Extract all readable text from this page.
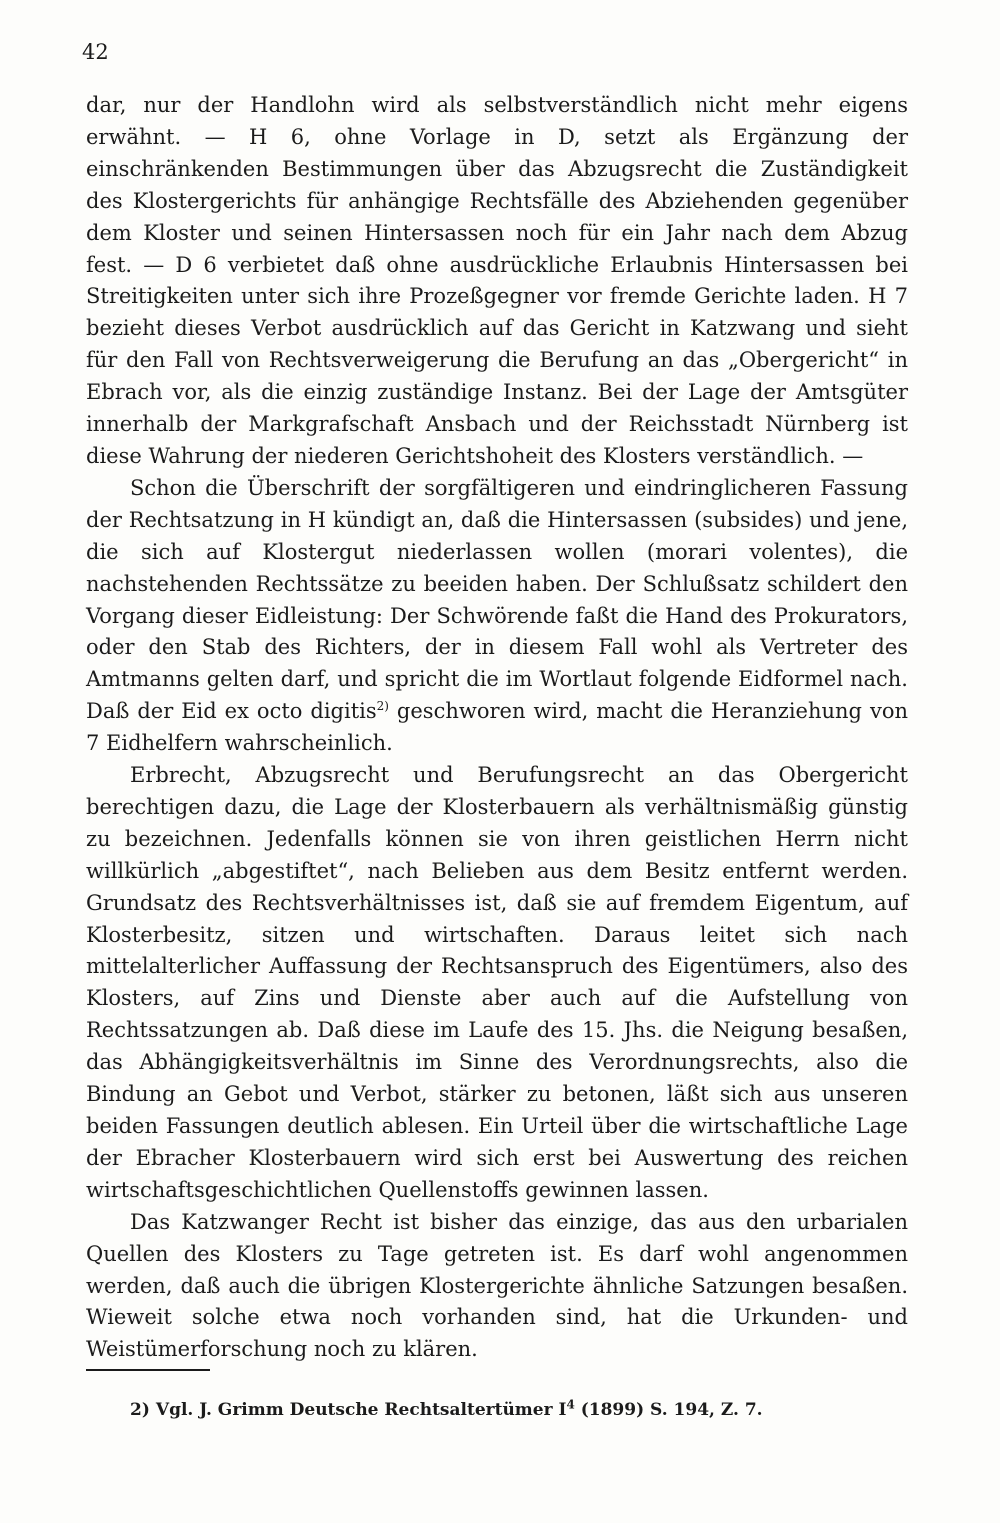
42

dar, nur der Handlohn wird als selbstverständlich nicht mehr eigens erwähnt. — H 6, ohne Vorlage in D, setzt als Ergänzung der einschränkenden Bestimmungen über das Abzugsrecht die Zuständigkeit des Klostergerichts für anhängige Rechtsfälle des Abziehenden gegenüber dem Kloster und seinen Hintersassen noch für ein Jahr nach dem Abzug fest. — D 6 verbietet daß ohne ausdrückliche Erlaubnis Hintersassen bei Streitigkeiten unter sich ihre Prozeßgegner vor fremde Gerichte laden. H 7 bezieht dieses Verbot ausdrücklich auf das Gericht in Katzwang und sieht für den Fall von Rechtsverweigerung die Berufung an das „Obergericht“ in Ebrach vor, als die einzig zuständige Instanz. Bei der Lage der Amtsgüter innerhalb der Markgrafschaft Ansbach und der Reichsstadt Nürnberg ist diese Wahrung der niederen Gerichtshoheit des Klosters verständlich. —

Schon die Überschrift der sorgfältigeren und eindringlicheren Fassung der Rechtsatzung in H kündigt an, daß die Hintersassen (subsides) und jene, die sich auf Klostergut niederlassen wollen (morari volentes), die nachstehenden Rechtssätze zu beeiden haben. Der Schlußsatz schildert den Vorgang dieser Eidleistung: Der Schwörende faßt die Hand des Prokurators, oder den Stab des Richters, der in diesem Fall wohl als Vertreter des Amtmanns gelten darf, und spricht die im Wortlaut folgende Eidformel nach. Daß der Eid ex octo digitis$^{2)}$ geschworen wird, macht die Heranziehung von 7 Eidhelfern wahrscheinlich.

Erbrecht, Abzugsrecht und Berufungsrecht an das Obergericht berechtigen dazu, die Lage der Klosterbauern als verhältnismäßig günstig zu bezeichnen. Jedenfalls können sie von ihren geistlichen Herrn nicht willkürlich „abgestiftet“, nach Belieben aus dem Besitz entfernt werden. Grundsatz des Rechtsverhältnisses ist, daß sie auf fremdem Eigentum, auf Klosterbesitz, sitzen und wirtschaften. Daraus leitet sich nach mittelalterlicher Auffassung der Rechtsanspruch des Eigentümers, also des Klosters, auf Zins und Dienste aber auch auf die Aufstellung von Rechtssatzungen ab. Daß diese im Laufe des 15. Jhs. die Neigung besaßen, das Abhängigkeitsverhältnis im Sinne des Verordnungsrechts, also die Bindung an Gebot und Verbot, stärker zu betonen, läßt sich aus unseren beiden Fassungen deutlich ablesen. Ein Urteil über die wirtschaftliche Lage der Ebracher Klosterbauern wird sich erst bei Auswertung des reichen wirtschaftsgeschichtlichen Quellenstoffs gewinnen lassen.

Das Katzwanger Recht ist bisher das einzige, das aus den urbarialen Quellen des Klosters zu Tage getreten ist. Es darf wohl angenommen werden, daß auch die übrigen Klostergerichte ähnliche Satzungen besaßen. Wieweit solche etwa noch vorhanden sind, hat die Urkunden- und Weistümerforschung noch zu klären.

2) Vgl. J. Grimm Deutsche Rechtsaltertümer $I^4$ (1899) S. 194, Z. 7.
